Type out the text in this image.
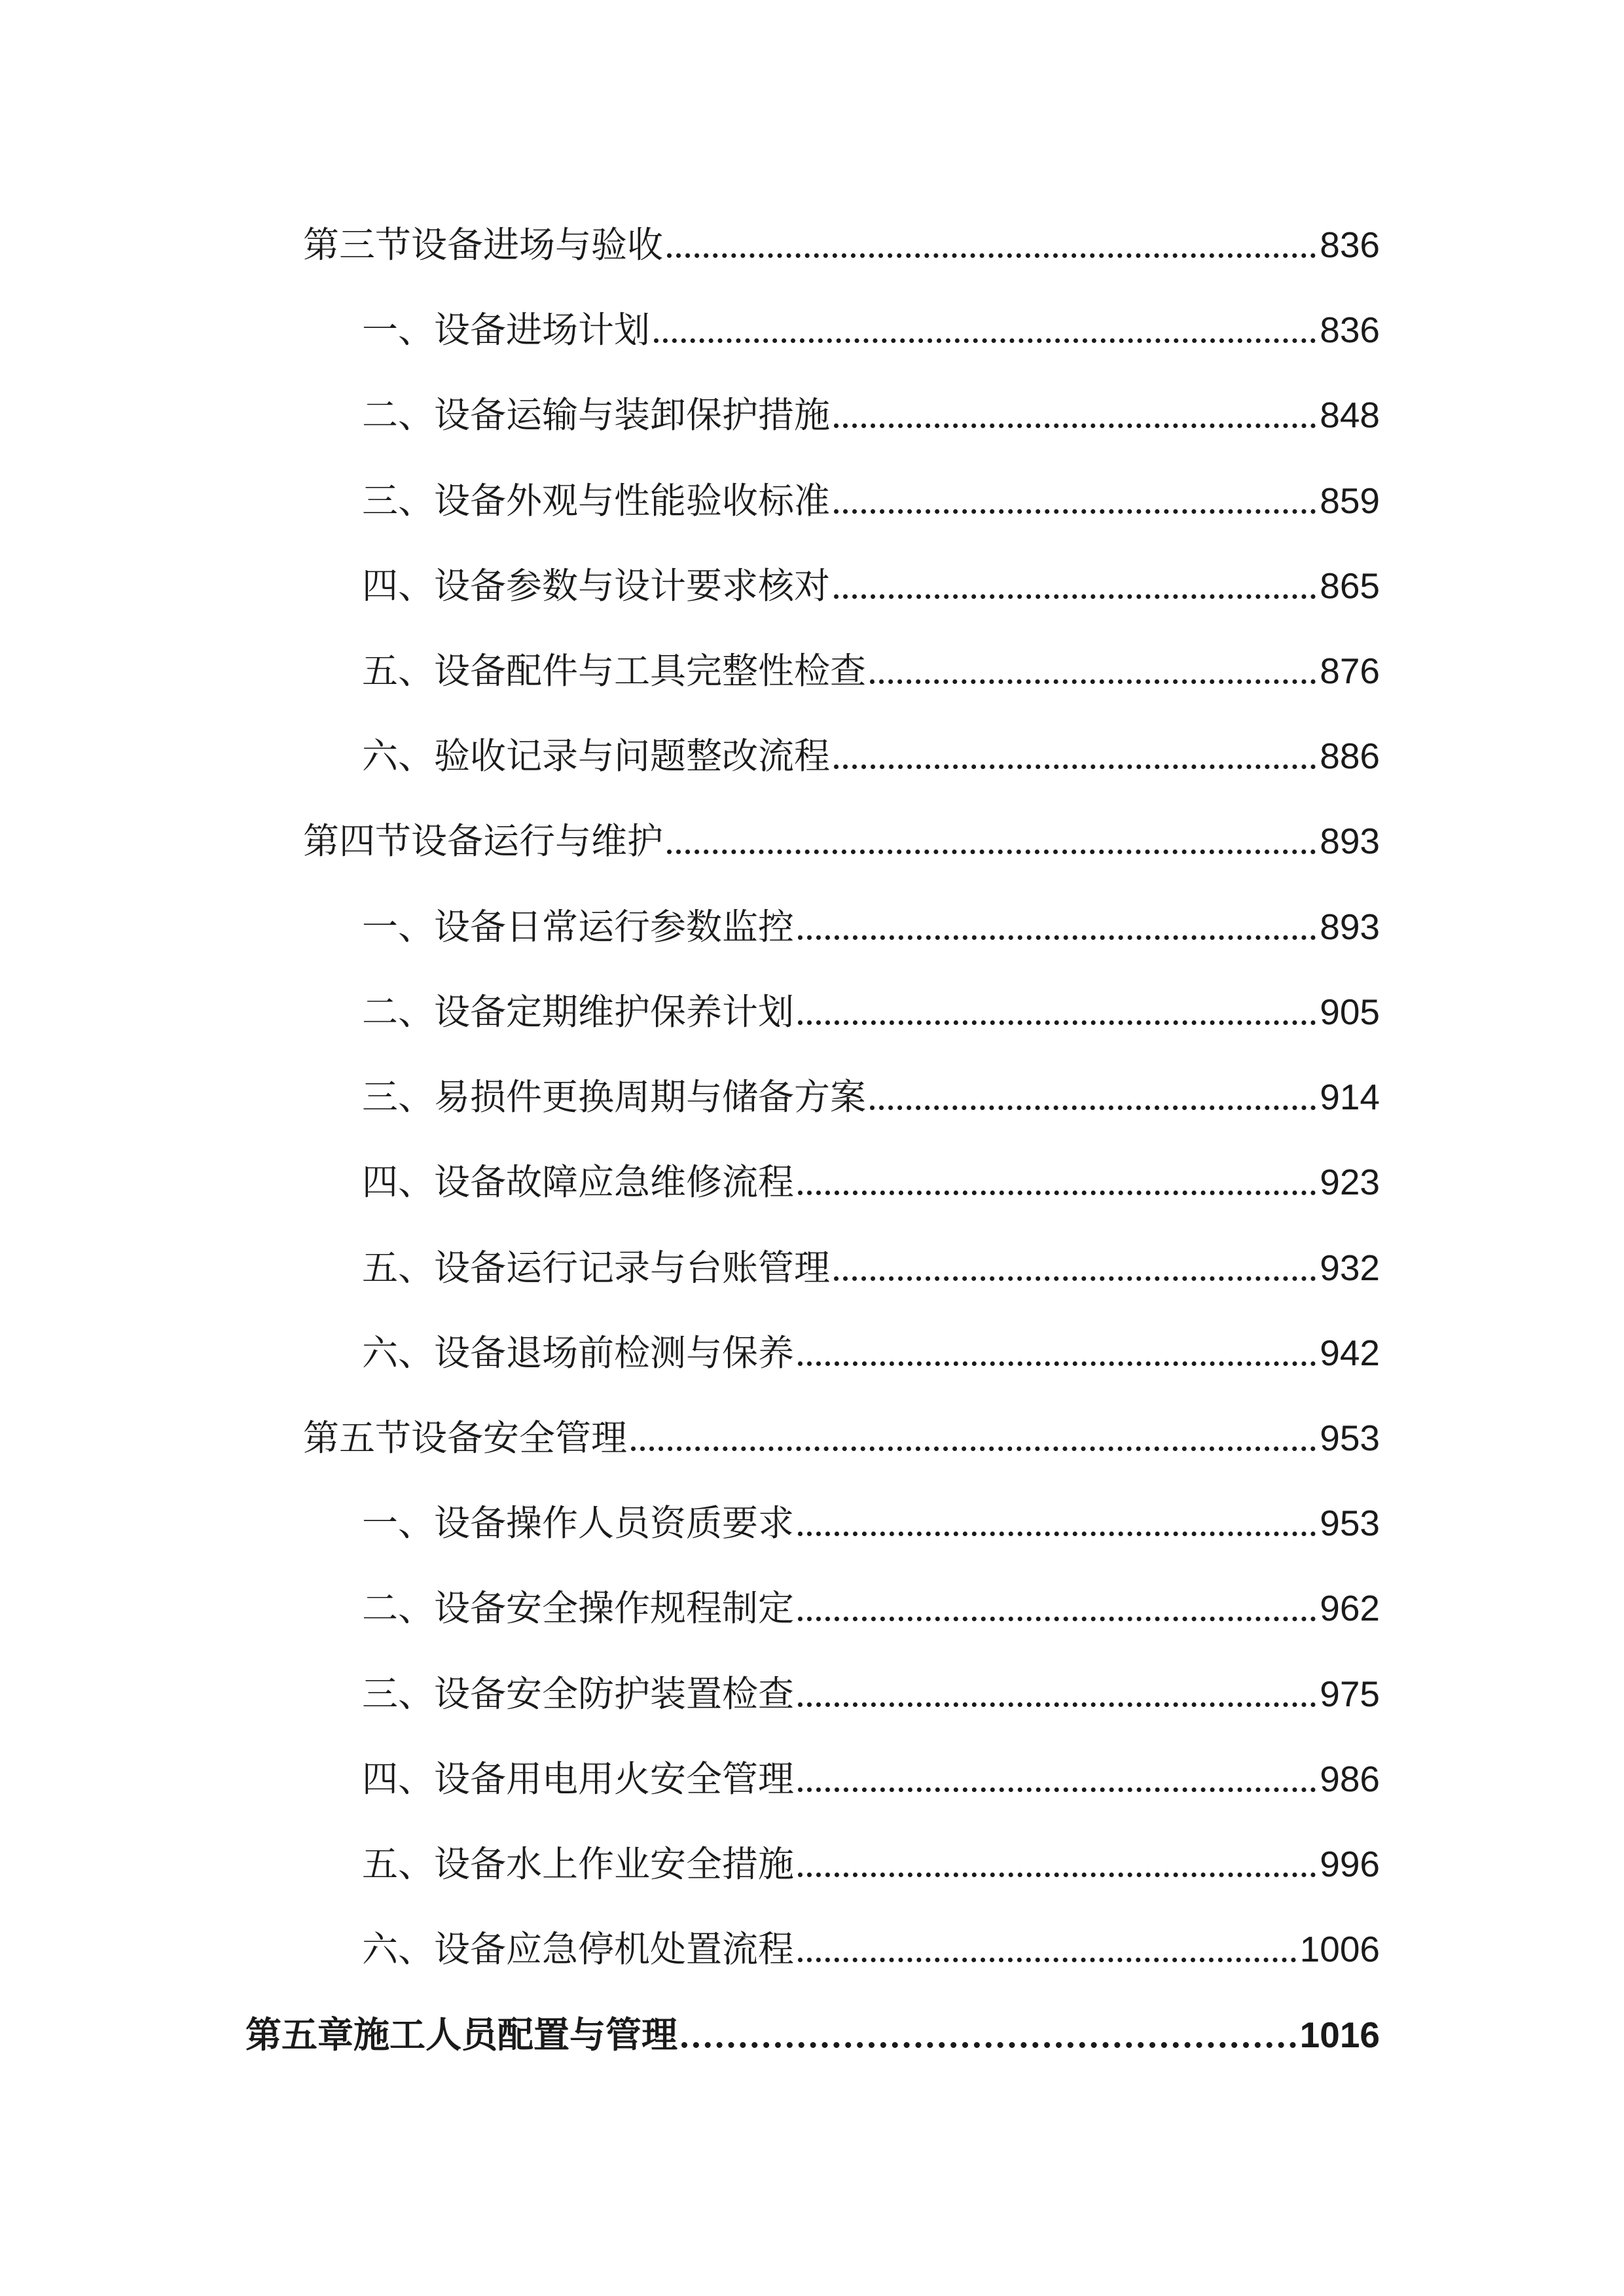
第三节设备进场与验收	836
一、设备进场计划	836
二、设备运输与装卸保护措施	848
三、设备外观与性能验收标准	859
四、设备参数与设计要求核对	865
五、设备配件与工具完整性检查	876
六、验收记录与问题整改流程	886
第四节设备运行与维护	893
一、设备日常运行参数监控	893
二、设备定期维护保养计划	905
三、易损件更换周期与储备方案	914
四、设备故障应急维修流程	923
五、设备运行记录与台账管理	932
六、设备退场前检测与保养	942
第五节设备安全管理	953
一、设备操作人员资质要求	953
二、设备安全操作规程制定	962
三、设备安全防护装置检查	975
四、设备用电用火安全管理	986
五、设备水上作业安全措施	996
六、设备应急停机处置流程	1006
第五章施工人员配置与管理	1016
